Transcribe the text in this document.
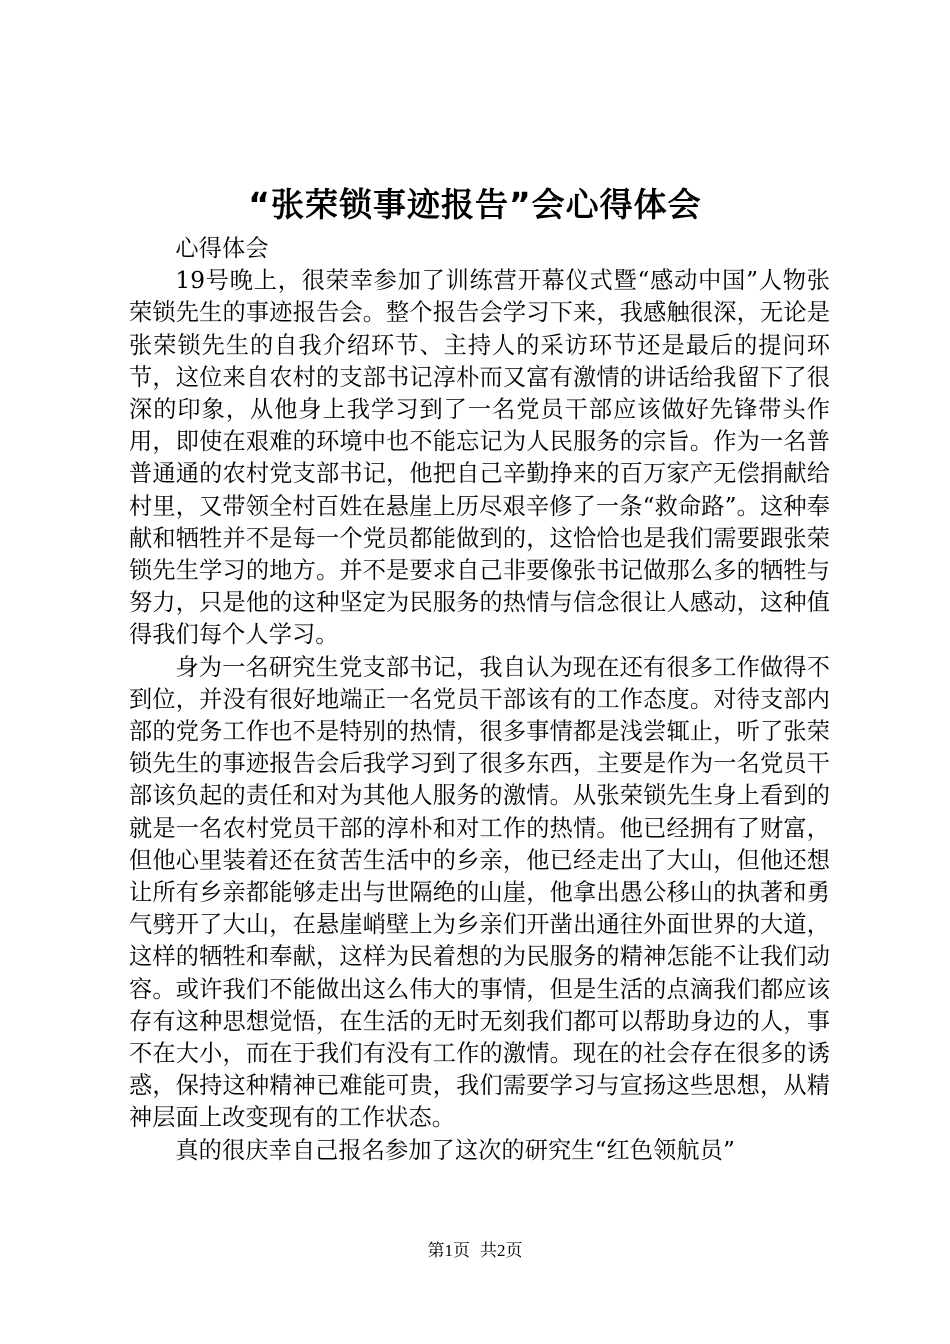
“张荣锁事迹报告”会心得体会

心得体会

19号晚上，很荣幸参加了训练营开幕仪式暨“感动中国”人物张荣锁先生的事迹报告会。整个报告会学习下来，我感触很深，无论是张荣锁先生的自我介绍环节、主持人的采访环节还是最后的提问环节，这位来自农村的支部书记淳朴而又富有激情的讲话给我留下了很深的印象，从他身上我学习到了一名党员干部应该做好先锋带头作用，即使在艰难的环境中也不能忘记为人民服务的宗旨。作为一名普普通通的农村党支部书记，他把自己辛勤挣来的百万家产无偿捐献给村里，又带领全村百姓在悬崖上历尽艰辛修了一条“救命路”。这种奉献和牺牲并不是每一个党员都能做到的，这恰恰也是我们需要跟张荣锁先生学习的地方。并不是要求自己非要像张书记做那么多的牺牲与努力，只是他的这种坚定为民服务的热情与信念很让人感动，这种值得我们每个人学习。

身为一名研究生党支部书记，我自认为现在还有很多工作做得不到位，并没有很好地端正一名党员干部该有的工作态度。对待支部内部的党务工作也不是特别的热情，很多事情都是浅尝辄止，听了张荣锁先生的事迹报告会后我学习到了很多东西，主要是作为一名党员干部该负起的责任和对为其他人服务的激情。从张荣锁先生身上看到的就是一名农村党员干部的淳朴和对工作的热情。他已经拥有了财富，但他心里装着还在贫苦生活中的乡亲，他已经走出了大山，但他还想让所有乡亲都能够走出与世隔绝的山崖，他拿出愚公移山的执著和勇气劈开了大山，在悬崖峭壁上为乡亲们开凿出通往外面世界的大道，这样的牺牲和奉献，这样为民着想的为民服务的精神怎能不让我们动容。或许我们不能做出这么伟大的事情，但是生活的点滴我们都应该存有这种思想觉悟，在生活的无时无刻我们都可以帮助身边的人，事不在大小，而在于我们有没有工作的激情。现在的社会存在很多的诱惑，保持这种精神已难能可贵，我们需要学习与宣扬这些思想，从精神层面上改变现有的工作状态。

真的很庆幸自己报名参加了这次的研究生“红色领航员”

第1页 共2页
